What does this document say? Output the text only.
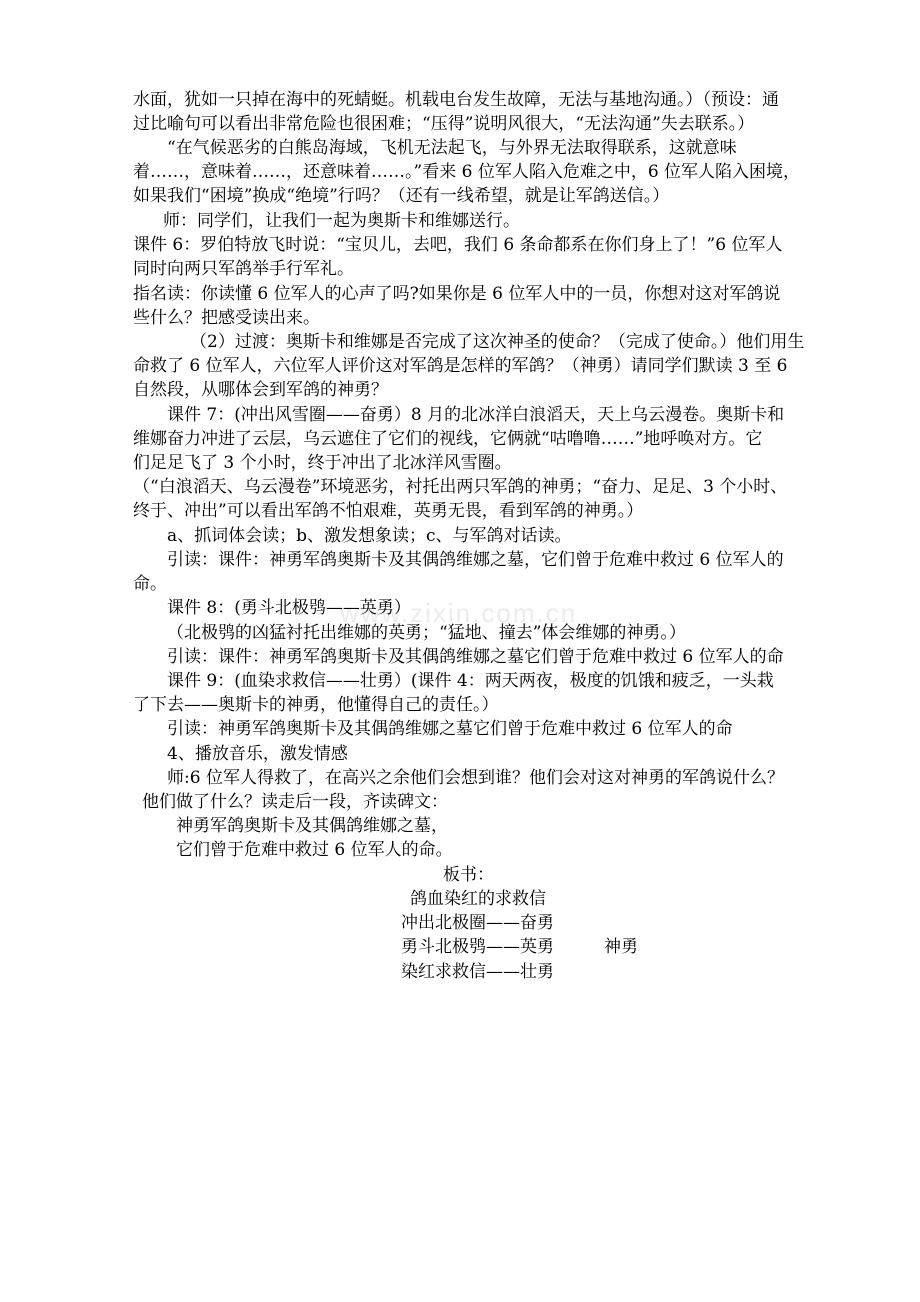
www.zixin.com.cn
水面，犹如一只掉在海中的死蜻蜓。机载电台发生故障，无法与基地沟通。）（预设：通
过比喻句可以看出非常危险也很困难；“压得”说明风很大，“无法沟通”失去联系。）
“在气候恶劣的白熊岛海域，飞机无法起飞，与外界无法取得联系，这就意味
着……，意味着……，还意味着……。”看来 6 位军人陷入危难之中，6 位军人陷入困境，
如果我们“困境”换成“绝境”行吗？（还有一线希望，就是让军鸽送信。）
师：同学们，让我们一起为奥斯卡和维娜送行。
课件 6：罗伯特放飞时说：“宝贝儿，去吧，我们 6 条命都系在你们身上了！”6 位军人
同时向两只军鸽举手行军礼。
指名读：你读懂 6 位军人的心声了吗?如果你是 6 位军人中的一员，你想对这对军鸽说
些什么？把感受读出来。
（2）过渡：奥斯卡和维娜是否完成了这次神圣的使命？（完成了使命。）他们用生
命救了 6 位军人，六位军人评价这对军鸽是怎样的军鸽？（神勇）请同学们默读 3 至 6
自然段，从哪体会到军鸽的神勇？
课件 7：(冲出风雪圈——奋勇）8 月的北冰洋白浪滔天，天上乌云漫卷。奥斯卡和
维娜奋力冲进了云层，乌云遮住了它们的视线，它俩就“咕噜噜……”地呼唤对方。它
们足足飞了 3 个小时，终于冲出了北冰洋风雪圈。
（“白浪滔天、乌云漫卷”环境恶劣，衬托出两只军鸽的神勇；“奋力、足足、3 个小时、
终于、冲出”可以看出军鸽不怕艰难，英勇无畏，看到军鸽的神勇。）
a、抓词体会读；b、激发想象读；c、与军鸽对话读。
引读：课件：神勇军鸽奥斯卡及其偶鸽维娜之墓，它们曾于危难中救过 6 位军人的
命。
课件 8：(勇斗北极鸮——英勇）
（北极鸮的凶猛衬托出维娜的英勇；“猛地、撞去”体会维娜的神勇。）
引读：课件：神勇军鸽奥斯卡及其偶鸽维娜之墓它们曾于危难中救过 6 位军人的命
课件 9：(血染求救信——壮勇）(课件 4：两天两夜，极度的饥饿和疲乏，一头栽
了下去——奥斯卡的神勇，他懂得自己的责任。）
引读：神勇军鸽奥斯卡及其偶鸽维娜之墓它们曾于危难中救过 6 位军人的命
4、播放音乐，激发情感
师:6 位军人得救了，在高兴之余他们会想到谁？他们会对这对神勇的军鸽说什么？
他们做了什么？读走后一段，齐读碑文：
神勇军鸽奥斯卡及其偶鸽维娜之墓，
它们曾于危难中救过 6 位军人的命。
板书：
鸽血染红的求救信
冲出北极圈——奋勇
勇斗北极鸮——英勇	神勇
染红求救信——壮勇
